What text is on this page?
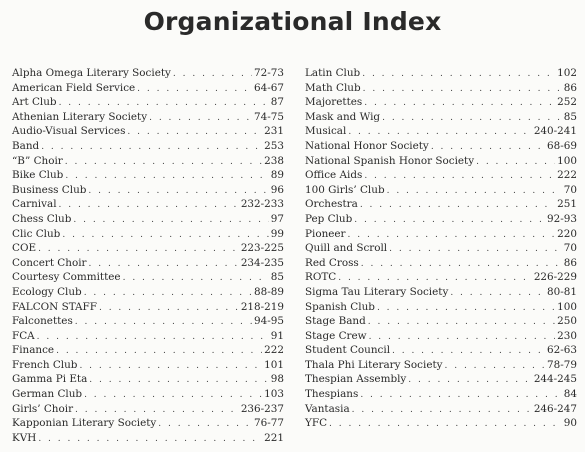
Organizational Index
Alpha Omega Literary Society . . .	72-73
American Field Service . . .	64-67
Art Club . . .	87
Athenian Literary Society . . .	74-75
Audio-Visual Services . . .	231
Band . . .	253
“B” Choir . . .	238
Bike Club . . .	89
Business Club . . .	96
Carnival . . .	232-233
Chess Club . . .	97
Clic Club . . .	99
COE . . .	223-225
Concert Choir . . .	234-235
Courtesy Committee . . .	85
Ecology Club . . .	88-89
FALCON STAFF . . .	218-219
Falconettes . . .	94-95
FCA . . .	91
Finance . . .	222
French Club . . .	101
Gamma Pi Eta . . .	98
German Club . . .	103
Girls’ Choir . . .	236-237
Kapponian Literary Society . . .	76-77
KVH . . .	221
Latin Club . . .	102
Math Club . . .	86
Majorettes . . .	252
Mask and Wig . . .	85
Musical . . .	240-241
National Honor Society . . .	68-69
National Spanish Honor Society . . .	100
Office Aids . . .	222
100 Girls’ Club . . .	70
Orchestra . . .	251
Pep Club . . .	92-93
Pioneer . . .	220
Quill and Scroll . . .	70
Red Cross . . .	86
ROTC . . .	226-229
Sigma Tau Literary Society . . .	80-81
Spanish Club . . .	100
Stage Band . . .	250
Stage Crew . . .	230
Student Council . . .	62-63
Thala Phi Literary Society . . .	78-79
Thespian Assembly . . .	244-245
Thespians . . .	84
Vantasia . . .	246-247
YFC . . .	90
